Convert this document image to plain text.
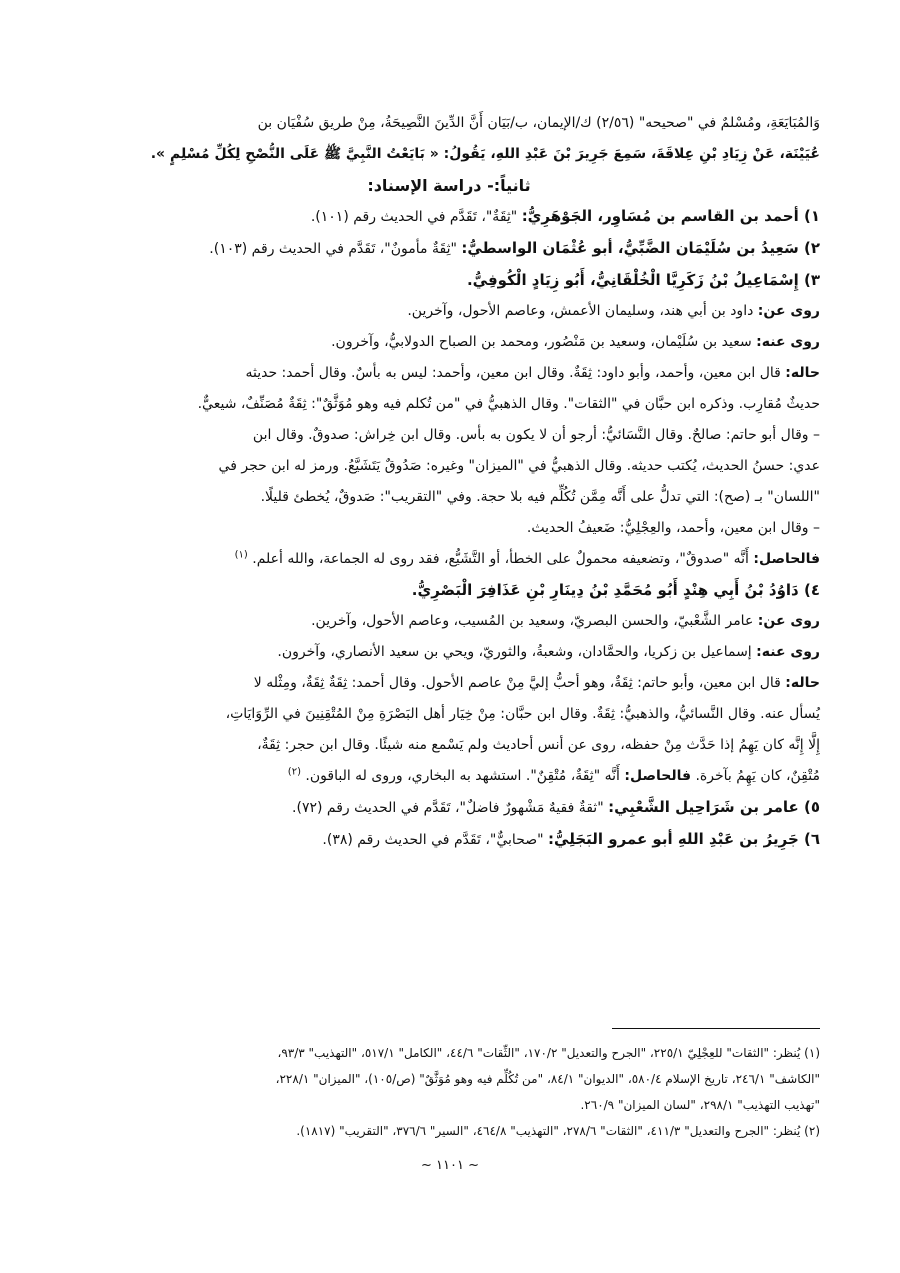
وَالمُبَايَعَةِ، ومُسْلمٌ في "صحيحه" (٢/٥٦) ك/الإيمان، ب/بَيَان أَنَّ الدِّينَ النَّصِيحَةُ، مِنْ طريق سُفْيَان بن
عُيَيْنَة، عَنْ زِيَادِ بْنِ عِلاقَةَ، سَمِعَ جَرِيرَ بْنَ عَبْدِ اللهِ، يَقُولُ: « بَايَعْتُ النَّبِيَّ ﷺ عَلَى النُّصْحِ لِكُلِّ مُسْلِمٍ ».
ثانياً:- دراسة الإسناد:
١) أحمد بن القاسم بن مُسَاوِر، الجَوْهَرِيُّ: "ثِقَةٌ"، تَقَدَّم في الحديث رقم (١٠١).
٢) سَعِيدُ بن سُلَيْمَان الضَّبِّيُّ، أبو عُثْمَان الواسطيُّ: "ثِقَةٌ مأمونٌ"، تَقَدَّم في الحديث رقم (١٠٣).
٣) إِسْمَاعِيلُ بْنُ زَكَرِيَّا الْخُلْقَانِيُّ، أَبُو زِيَادٍ الْكُوفِيُّ.
روى عن: داود بن أبي هند، وسليمان الأعمش، وعاصم الأحول، وآخرين.
روى عنه: سعيد بن سُلَيْمان، وسعيد بن مَنْصُور، ومحمد بن الصباح الدولابيُّ، وآخرون.
حاله: قال ابن معين، وأحمد، وأبو داود: ثِقَةٌ. وقال ابن معين، وأحمد: ليس به بأسٌ. وقال أحمد: حديثه
حديثٌ مُقارِب. وذكره ابن حبَّان في "الثقات". وقال الذهبيُّ في "من تُكلم فيه وهو مُوَثَّقٌ": ثِقَةٌ مُصَنِّفٌ، شيعيٌّ.
– وقال أبو حاتم: صالحٌ. وقال النَّسَائيُّ: أرجو أن لا يكون به بأس. وقال ابن خِراش: صدوقٌ. وقال ابن
عدي: حسنُ الحديث، يُكتب حديثه. وقال الذهبيُّ في "الميزان" وغيره: صَدُوقٌ يَتَشَيَّعُ. ورمز له ابن حجر في
"اللسان" بـ (صح): التي تدلُّ على أَنَّه مِمَّن تُكُلِّم فيه بلا حجة. وفي "التقريب": صَدوقٌ، يُخطئ قليلًا.
– وقال ابن معين، وأحمد، والعِجْلِيُّ: ضَعيفُ الحديث.
فالحاصل: أَنَّه "صدوقٌ"، وتضعيفه محمولٌ على الخطأ، أو التَّشَيُّع، فقد روى له الجماعة، والله أعلم. $^{(١)}$
٤) دَاوُدُ بْنُ أَبِي هِنْدٍ أَبُو مُحَمَّدِ بْنُ دِينَارِ بْنِ عَذَافِرَ الْبَصْرِيُّ.
روى عن: عامر الشَّعْبيّ، والحسن البصريّ، وسعيد بن المُسيب، وعاصم الأحول، وآخرين.
روى عنه: إسماعيل بن زكريا، والحمَّادان، وشعبةُ، والثوريّ، ويحي بن سعيد الأنصاري، وآخرون.
حاله: قال ابن معين، وأبو حاتم: ثِقَةٌ، وهو أحبُّ إليَّ مِنْ عاصم الأحول. وقال أحمد: ثِقَةٌ ثِقَةٌ، ومِثْله لا
يُسأل عنه. وقال النَّسائيُّ، والذهبيُّ: ثِقَةٌ. وقال ابن حبَّان: مِنْ خِيَار أهل البَصْرَةِ مِنْ المُتْقِنِينَ في الرِّوَايَاتِ،
إِلَّا إِنَّه كان يَهِمُ إذا حَدَّث مِنْ حفظه، روى عن أنس أحاديث ولم يَسْمع منه شيئًا. وقال ابن حجر: ثِقَةٌ،
مُتْقِنٌ، كان يَهِمُ بآخرة. فالحاصل: أَنَّه "ثِقَةٌ، مُتْقِنٌ". استشهد به البخاري، وروى له الباقون. $^{(٢)}$
٥) عامر بن شَرَاحِيل الشَّعْبِي: "ثقةٌ فقيهٌ مَشْهورٌ فاضلٌ"، تَقَدَّم في الحديث رقم (٧٢).
٦) جَرِيرُ بن عَبْدِ اللهِ أبو عمرو البَجَلِيُّ: "صحابيٌّ"، تَقَدَّم في الحديث رقم (٣٨).
(١) يُنظر: "الثقات" للعِجْلِيّ ٢٢٥/١، "الجرح والتعديل" ١٧٠/٢، "الثِّقات" ٤٤/٦، "الكامل" ٥١٧/١، "التهذيب" ٩٣/٣،
"الكاشف" ٢٤٦/١، تاريخ الإسلام ٥٨٠/٤، "الديوان" ٨٤/١، "من تُكُلِّم فيه وهو مُوَثَّقٌ" (ص/١٠٥)، "الميزان" ٢٢٨/١،
"تهذيب التهذيب" ٢٩٨/١، "لسان الميزان" ٢٦٠/٩.
(٢) يُنظر: "الجرح والتعديل" ٤١١/٣، "الثقات" ٢٧٨/٦، "التهذيب" ٤٦٤/٨، "السير" ٣٧٦/٦، "التقريب" (١٨١٧).
~ ١١٠١ ~
